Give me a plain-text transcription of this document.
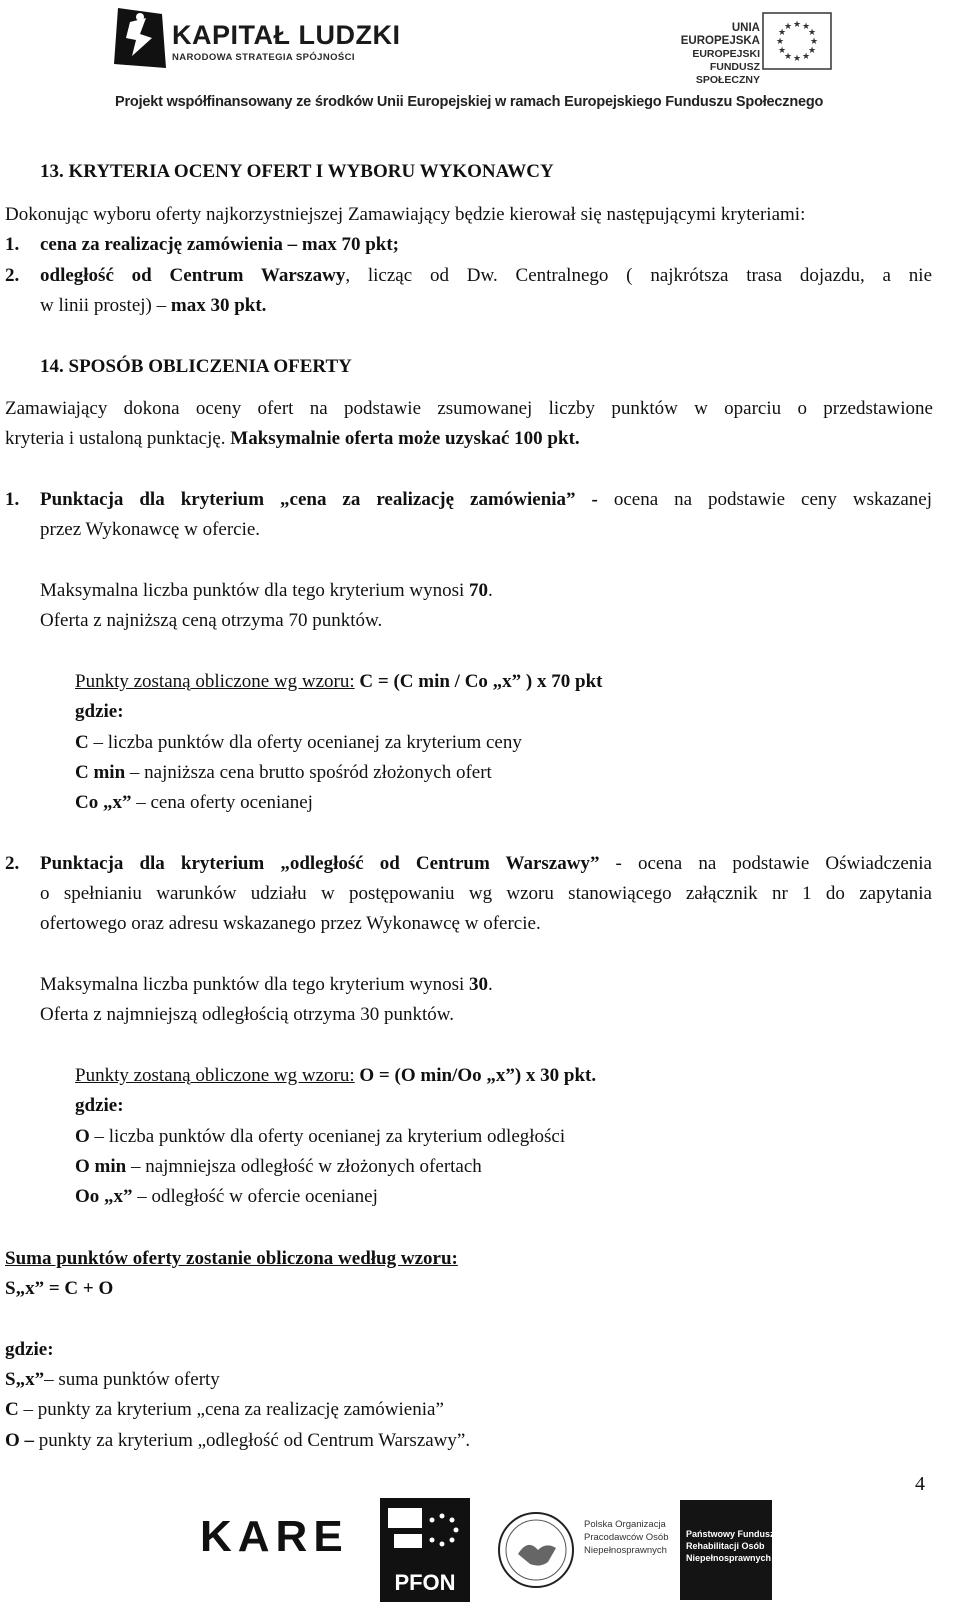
KAPITAŁ LUDZKI
NARODOWA STRATEGIA SPÓJNOŚCI
UNIA EUROPEJSKA
EUROPEJSKI
FUNDUSZ SPOŁECZNY
★ ★
★
★
★
★
★
★
★
★
★
★
Projekt współfinansowany ze środków Unii Europejskiej w ramach Europejskiego Funduszu Społecznego
13. KRYTERIA OCENY OFERT I WYBORU WYKONAWCY
Dokonując wyboru oferty najkorzystniejszej Zamawiający będzie kierował się następującymi kryteriami:
1. cena za realizację zamówienia – max 70 pkt;
2. odległość od Centrum Warszawy, licząc od Dw. Centralnego ( najkrótsza trasa dojazdu, a nie
w linii prostej) – max 30 pkt.
14. SPOSÓB OBLICZENIA OFERTY
Zamawiający dokona oceny ofert na podstawie zsumowanej liczby punktów w oparciu o przedstawione
kryteria i ustaloną punktację. Maksymalnie oferta może uzyskać 100 pkt.
1. Punktacja dla kryterium „cena za realizację zamówienia” - ocena na podstawie ceny wskazanej
przez Wykonawcę w ofercie.
Maksymalna liczba punktów dla tego kryterium wynosi 70.
Oferta z najniższą ceną otrzyma 70 punktów.
Punkty zostaną obliczone wg wzoru: C = (C min / Co „x” ) x 70 pkt
gdzie:
C – liczba punktów dla oferty ocenianej za kryterium ceny
C min – najniższa cena brutto spośród złożonych ofert
Co „x” – cena oferty ocenianej
2. Punktacja dla kryterium „odległość od Centrum Warszawy” - ocena na podstawie Oświadczenia
o spełnianiu warunków udziału w postępowaniu wg wzoru stanowiącego załącznik nr 1 do zapytania
ofertowego oraz adresu wskazanego przez Wykonawcę w ofercie.
Maksymalna liczba punktów dla tego kryterium wynosi 30.
Oferta z najmniejszą odległością otrzyma 30 punktów.
Punkty zostaną obliczone wg wzoru: O = (O min/Oo „x”) x 30 pkt.
gdzie:
O – liczba punktów dla oferty ocenianej za kryterium odległości
O min – najmniejsza odległość w złożonych ofertach
Oo „x” – odległość w ofercie ocenianej
Suma punktów oferty zostanie obliczona według wzoru:
S„x” = C + O
gdzie:
S„x”– suma punktów oferty
C – punkty za kryterium „cena za realizację zamówienia”
O – punkty za kryterium „odległość od Centrum Warszawy”.
4
KARE
PFON
Polska Organizacja
Pracodawców Osób
Niepełnosprawnych
Państwowy Fundusz
Rehabilitacji Osób
Niepełnosprawnych
